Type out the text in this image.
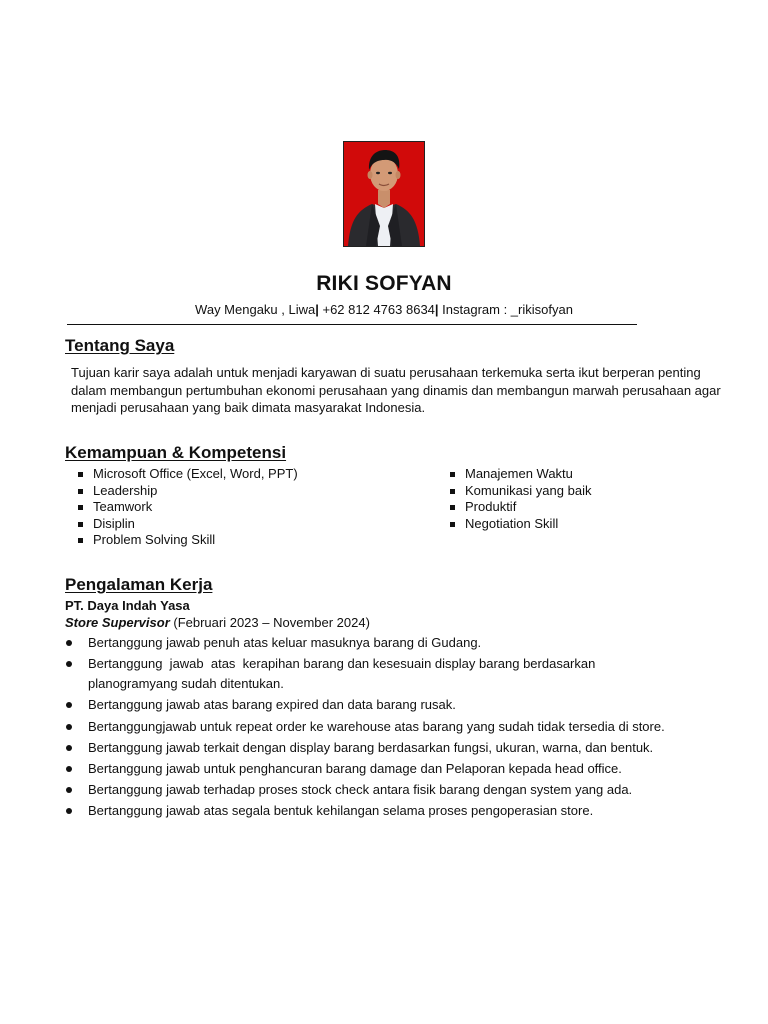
RIKI SOFYAN
Way Mengaku , Liwa| +62 812 4763 8634| Instagram : _rikisofyan
Tentang Saya
Tujuan karir saya adalah untuk menjadi karyawan di suatu perusahaan terkemuka serta ikut berperan penting dalam membangun pertumbuhan ekonomi perusahaan yang dinamis dan membangun marwah perusahaan agar menjadi perusahaan yang baik dimata masyarakat Indonesia.
Kemampuan & Kompetensi
Microsoft Office (Excel, Word, PPT)
Leadership
Teamwork
Disiplin
Problem Solving Skill
Manajemen Waktu
Komunikasi yang baik
Produktif
Negotiation Skill
Pengalaman Kerja
PT. Daya Indah Yasa
Store Supervisor (Februari 2023 – November 2024)
Bertanggung jawab penuh atas keluar masuknya barang di Gudang.
Bertanggung  jawab  atas  kerapihan barang dan kesesuain display barang berdasarkan planogramyang sudah ditentukan.
Bertanggung jawab atas barang expired dan data barang rusak.
Bertanggungjawab untuk repeat order ke warehouse atas barang yang sudah tidak tersedia di store.
Bertanggung jawab terkait dengan display barang berdasarkan fungsi, ukuran, warna, dan bentuk.
Bertanggung jawab untuk penghancuran barang damage dan Pelaporan kepada head office.
Bertanggung jawab terhadap proses stock check antara fisik barang dengan system yang ada.
Bertanggung jawab atas segala bentuk kehilangan selama proses pengoperasian store.
